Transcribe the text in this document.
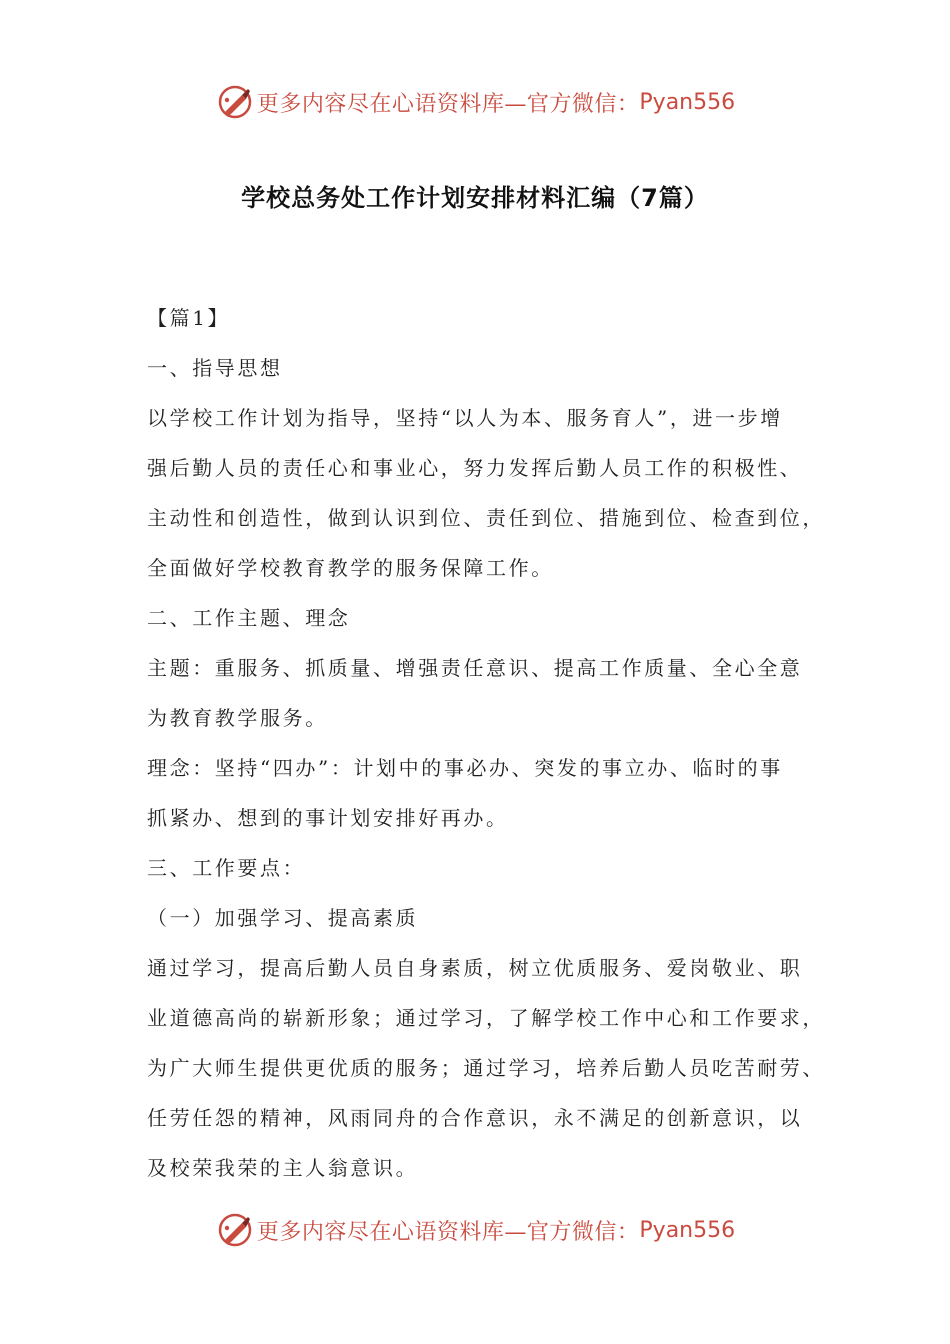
更多内容尽在心语资料库—官方微信： Pyan556
学校总务处工作计划安排材料汇编（7篇）
【篇1】
一、指导思想
以学校工作计划为指导，坚持“以人为本、服务育人”，进一步增
强后勤人员的责任心和事业心，努力发挥后勤人员工作的积极性、
主动性和创造性，做到认识到位、责任到位、措施到位、检查到位，
全面做好学校教育教学的服务保障工作。
二、工作主题、理念
主题：重服务、抓质量、增强责任意识、提高工作质量、全心全意
为教育教学服务。
理念：坚持“四办”：计划中的事必办、突发的事立办、临时的事
抓紧办、想到的事计划安排好再办。
三、工作要点：
（一）加强学习、提高素质
通过学习，提高后勤人员自身素质，树立优质服务、爱岗敬业、职
业道德高尚的崭新形象；通过学习，了解学校工作中心和工作要求，
为广大师生提供更优质的服务；通过学习，培养后勤人员吃苦耐劳、
任劳任怨的精神，风雨同舟的合作意识，永不满足的创新意识，以
及校荣我荣的主人翁意识。
更多内容尽在心语资料库—官方微信： Pyan556
